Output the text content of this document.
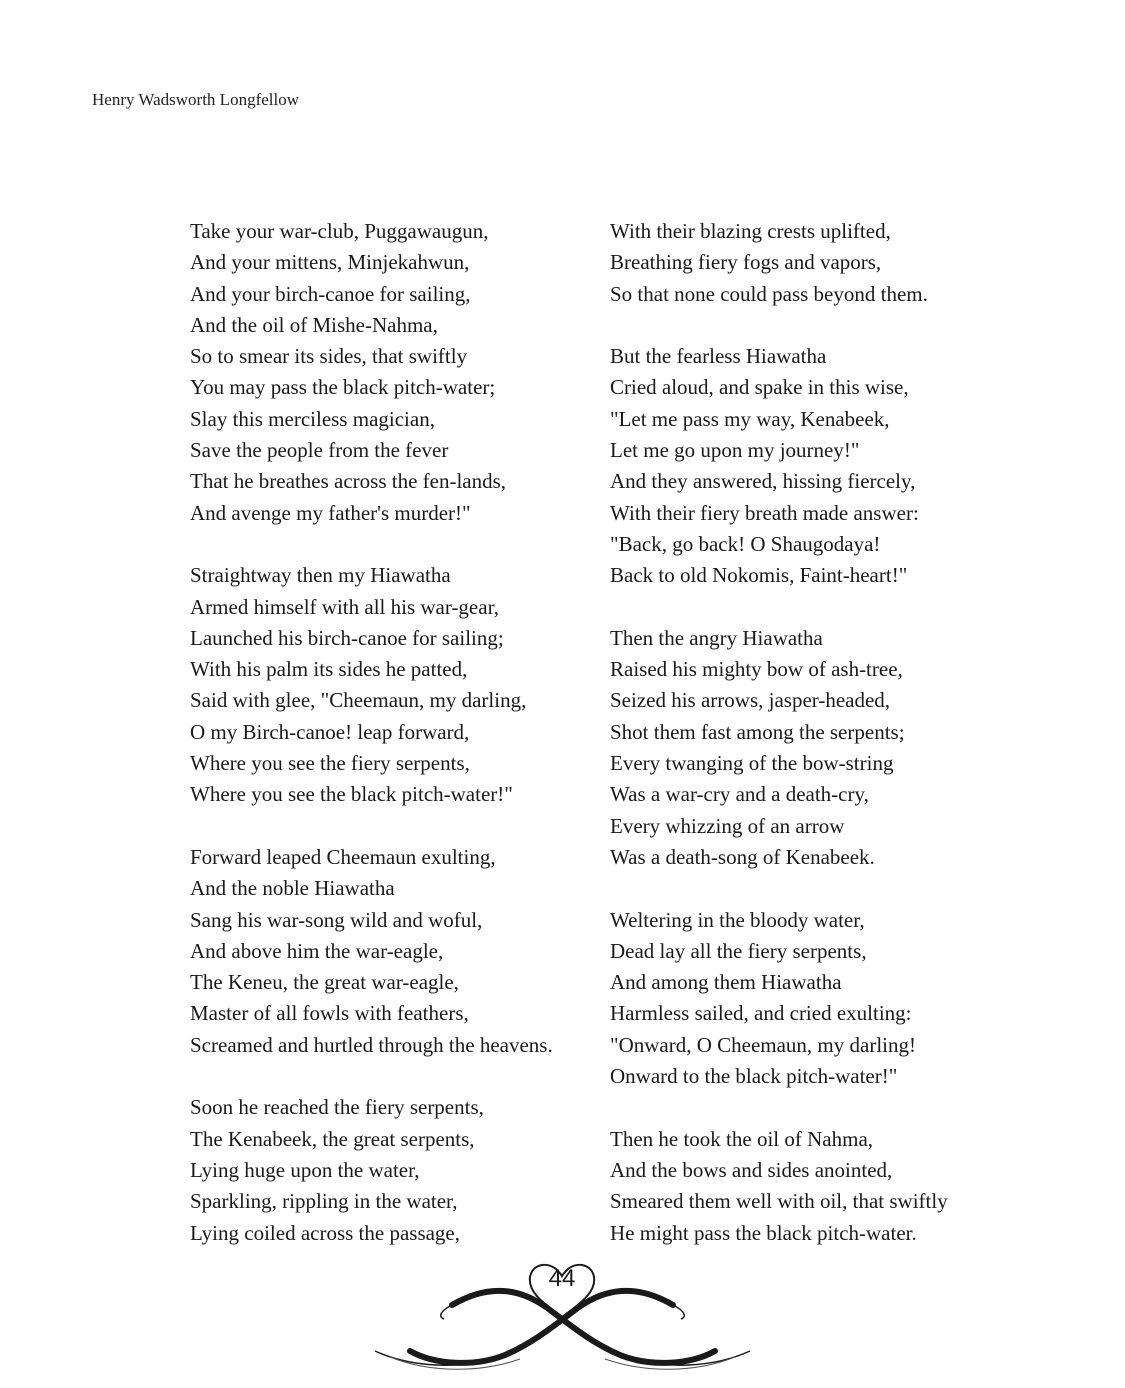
Henry Wadsworth Longfellow
Take your war-club, Puggawaugun,
And your mittens, Minjekahwun,
And your birch-canoe for sailing,
And the oil of Mishe-Nahma,
So to smear its sides, that swiftly
You may pass the black pitch-water;
Slay this merciless magician,
Save the people from the fever
That he breathes across the fen-lands,
And avenge my father's murder!"
Straightway then my Hiawatha
Armed himself with all his war-gear,
Launched his birch-canoe for sailing;
With his palm its sides he patted,
Said with glee, "Cheemaun, my darling,
O my Birch-canoe! leap forward,
Where you see the fiery serpents,
Where you see the black pitch-water!"
Forward leaped Cheemaun exulting,
And the noble Hiawatha
Sang his war-song wild and woful,
And above him the war-eagle,
The Keneu, the great war-eagle,
Master of all fowls with feathers,
Screamed and hurtled through the heavens.
Soon he reached the fiery serpents,
The Kenabeek, the great serpents,
Lying huge upon the water,
Sparkling, rippling in the water,
Lying coiled across the passage,
With their blazing crests uplifted,
Breathing fiery fogs and vapors,
So that none could pass beyond them.
But the fearless Hiawatha
Cried aloud, and spake in this wise,
"Let me pass my way, Kenabeek,
Let me go upon my journey!"
And they answered, hissing fiercely,
With their fiery breath made answer:
"Back, go back! O Shaugodaya!
Back to old Nokomis, Faint-heart!"
Then the angry Hiawatha
Raised his mighty bow of ash-tree,
Seized his arrows, jasper-headed,
Shot them fast among the serpents;
Every twanging of the bow-string
Was a war-cry and a death-cry,
Every whizzing of an arrow
Was a death-song of Kenabeek.
Weltering in the bloody water,
Dead lay all the fiery serpents,
And among them Hiawatha
Harmless sailed, and cried exulting:
"Onward, O Cheemaun, my darling!
Onward to the black pitch-water!"
Then he took the oil of Nahma,
And the bows and sides anointed,
Smeared them well with oil, that swiftly
He might pass the black pitch-water.
44
